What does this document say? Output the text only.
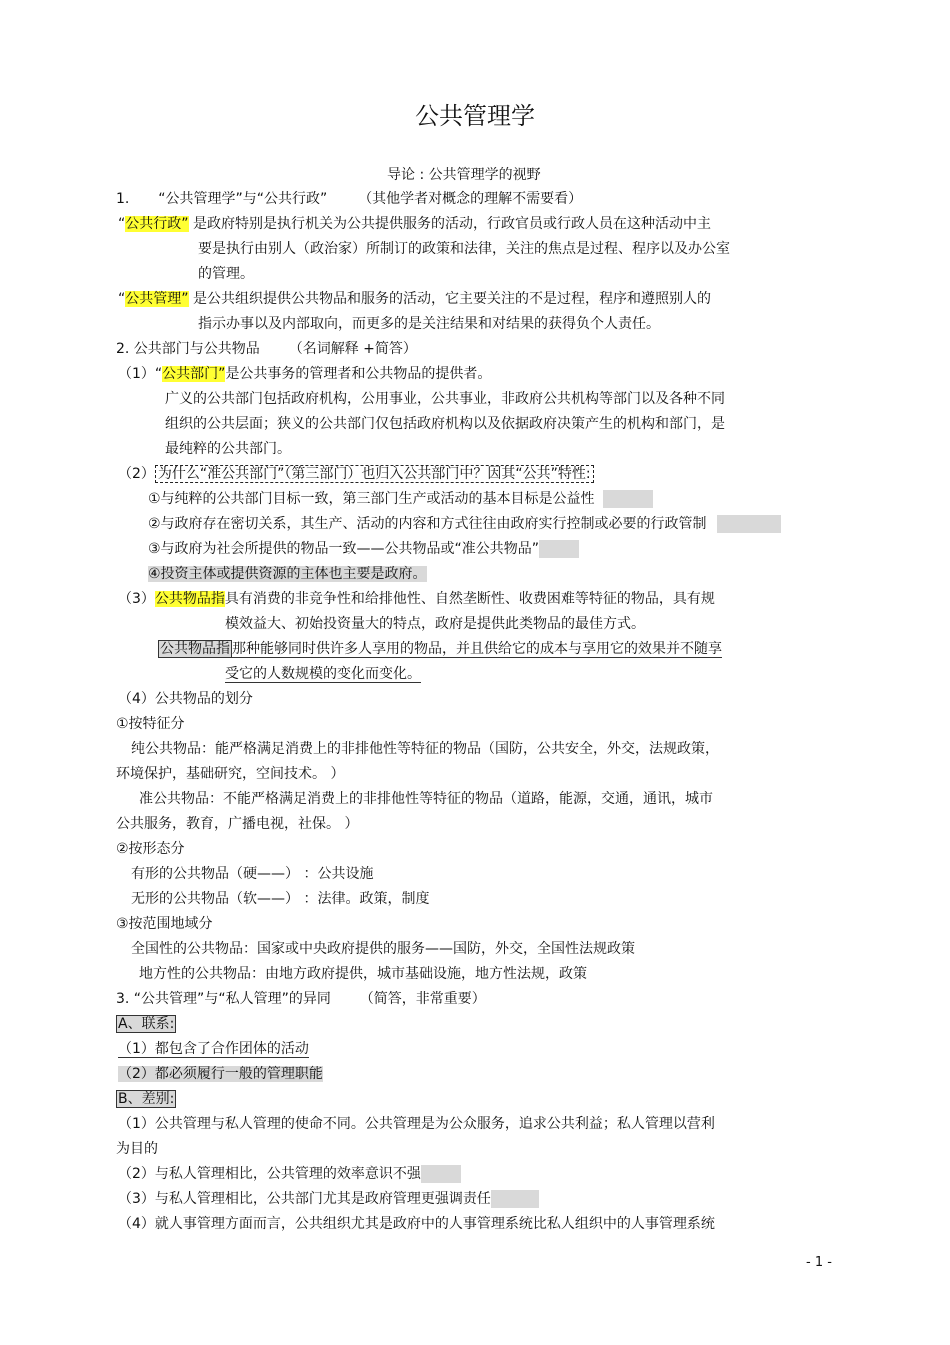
公共管理学
导论 : 公共管理学的视野
1. “公共管理学”与“公共行政” （其他学者对概念的理解不需要看）
“公共行政” 是政府特别是执行机关为公共提供服务的活动，行政官员或行政人员在这种活动中主
要是执行由别人（政治家）所制订的政策和法律，关注的焦点是过程、程序以及办公室
的管理。
“公共管理” 是公共组织提供公共物品和服务的活动，它主要关注的不是过程，程序和遵照别人的
指示办事以及内部取向，而更多的是关注结果和对结果的获得负个人责任。
2. 公共部门与公共物品 （名词解释 +简答）
（1）“公共部门”是公共事务的管理者和公共物品的提供者。
广义的公共部门包括政府机构，公用事业，公共事业，非政府公共机构等部门以及各种不同
组织的公共层面；狭义的公共部门仅包括政府机构以及依据政府决策产生的机构和部门，是
最纯粹的公共部门。
（2） 为什么“准公共部门”（第三部门）也归入公共部门中？因其“公共”特性:
①与纯粹的公共部门目标一致，第三部门生产或活动的基本目标是公益性
②与政府存在密切关系，其生产、活动的内容和方式往往由政府实行控制或必要的行政管制
③与政府为社会所提供的物品一致——公共物品或“准公共物品”
④投资主体或提供资源的主体也主要是政府。
（3）公共物品指具有消费的非竞争性和给排他性、自然垄断性、收费困难等特征的物品，具有规
模效益大、初始投资量大的特点，政府是提供此类物品的最佳方式。
公共物品指 那种能够同时供许多人享用的物品，并且供给它的成本与享用它的效果并不随享
受它的人数规模的变化而变化。
（4）公共物品的划分
①按特征分
纯公共物品：能严格满足消费上的非排他性等特征的物品（国防，公共安全，外交，法规政策，
环境保护，基础研究，空间技术。 ）
准公共物品：不能严格满足消费上的非排他性等特征的物品（道路，能源，交通，通讯，城市
公共服务，教育，广播电视，社保。 ）
②按形态分
有形的公共物品（硬——） ：公共设施
无形的公共物品（软——） ：法律。政策，制度
③按范围地域分
全国性的公共物品：国家或中央政府提供的服务——国防，外交，全国性法规政策
地方性的公共物品：由地方政府提供，城市基础设施，地方性法规，政策
3. “公共管理”与“私人管理”的异同 （简答，非常重要）
A、联系:
（1）都包含了合作团体的活动
（2）都必须履行一般的管理职能
B、差别:
（1）公共管理与私人管理的使命不同。公共管理是为公众服务，追求公共利益；私人管理以营利
为目的
（2）与私人管理相比，公共管理的效率意识不强
（3）与私人管理相比，公共部门尤其是政府管理更强调责任
（4）就人事管理方面而言，公共组织尤其是政府中的人事管理系统比私人组织中的人事管理系统
- 1 -
